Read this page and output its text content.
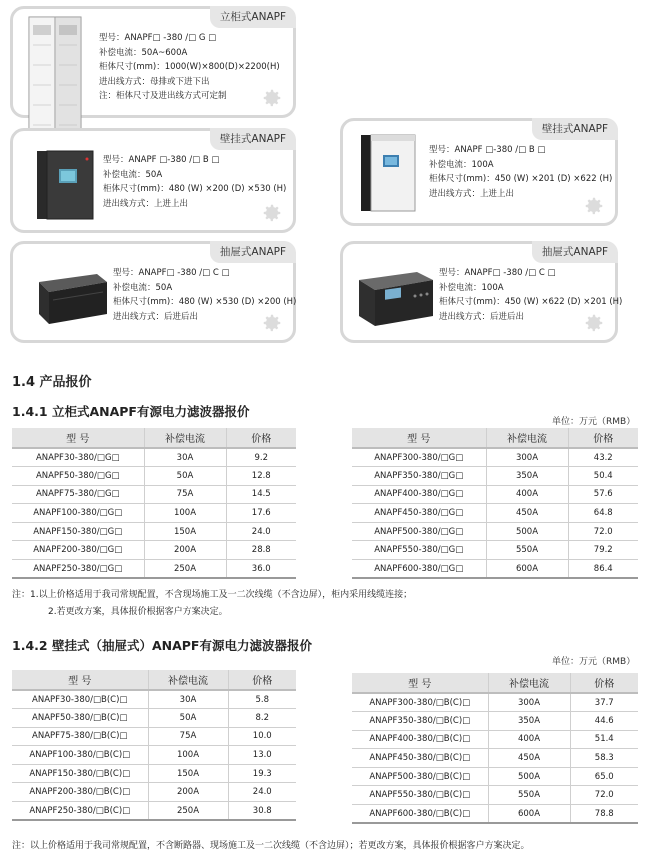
立柜式ANAPF
型号：ANAPF□ -380 /□ G □
补偿电流：50A~600A
柜体尺寸(mm)：1000(W)×800(D)×2200(H)
进出线方式：母排或下进下出
注：柜体尺寸及进出线方式可定制
壁挂式ANAPF
型号：ANAPF □-380 /□ B □
补偿电流：50A
柜体尺寸(mm)：480 (W) ×200 (D) ×530 (H)
进出线方式：上进上出
壁挂式ANAPF
型号：ANAPF □-380 /□ B □
补偿电流：100A
柜体尺寸(mm)：450 (W) ×201 (D) ×622 (H)
进出线方式：上进上出
抽屉式ANAPF
型号：ANAPF□ -380 /□ C □
补偿电流：50A
柜体尺寸(mm)：480 (W) ×530 (D) ×200 (H)
进出线方式：后进后出
抽屉式ANAPF
型号：ANAPF□ -380 /□ C □
补偿电流：100A
柜体尺寸(mm)：450 (W) ×622 (D) ×201 (H)
进出线方式：后进后出
1.4 产品报价
1.4.1 立柜式ANAPF有源电力滤波器报价
单位：万元（RMB）
型 号	补偿电流	价格
ANAPF30-380/□G□	30A	9.2
ANAPF50-380/□G□	50A	12.8
ANAPF75-380/□G□	75A	14.5
ANAPF100-380/□G□	100A	17.6
ANAPF150-380/□G□	150A	24.0
ANAPF200-380/□G□	200A	28.8
ANAPF250-380/□G□	250A	36.0
型 号	补偿电流	价格
ANAPF300-380/□G□	300A	43.2
ANAPF350-380/□G□	350A	50.4
ANAPF400-380/□G□	400A	57.6
ANAPF450-380/□G□	450A	64.8
ANAPF500-380/□G□	500A	72.0
ANAPF550-380/□G□	550A	79.2
ANAPF600-380/□G□	600A	86.4
注：1.以上价格适用于我司常规配置，不含现场施工及一二次线缆（不含边屏），柜内采用线缆连接；
2.若更改方案，具体报价根据客户方案决定。
1.4.2 壁挂式（抽屉式）ANAPF有源电力滤波器报价
单位：万元（RMB）
型 号	补偿电流	价格
ANAPF30-380/□B(C)□	30A	5.8
ANAPF50-380/□B(C)□	50A	8.2
ANAPF75-380/□B(C)□	75A	10.0
ANAPF100-380/□B(C)□	100A	13.0
ANAPF150-380/□B(C)□	150A	19.3
ANAPF200-380/□B(C)□	200A	24.0
ANAPF250-380/□B(C)□	250A	30.8
型 号	补偿电流	价格
ANAPF300-380/□B(C)□	300A	37.7
ANAPF350-380/□B(C)□	350A	44.6
ANAPF400-380/□B(C)□	400A	51.4
ANAPF450-380/□B(C)□	450A	58.3
ANAPF500-380/□B(C)□	500A	65.0
ANAPF550-380/□B(C)□	550A	72.0
ANAPF600-380/□B(C)□	600A	78.8
注：以上价格适用于我司常规配置，不含断路器、现场施工及一二次线缆（不含边屏）；若更改方案，具体报价根据客户方案决定。
